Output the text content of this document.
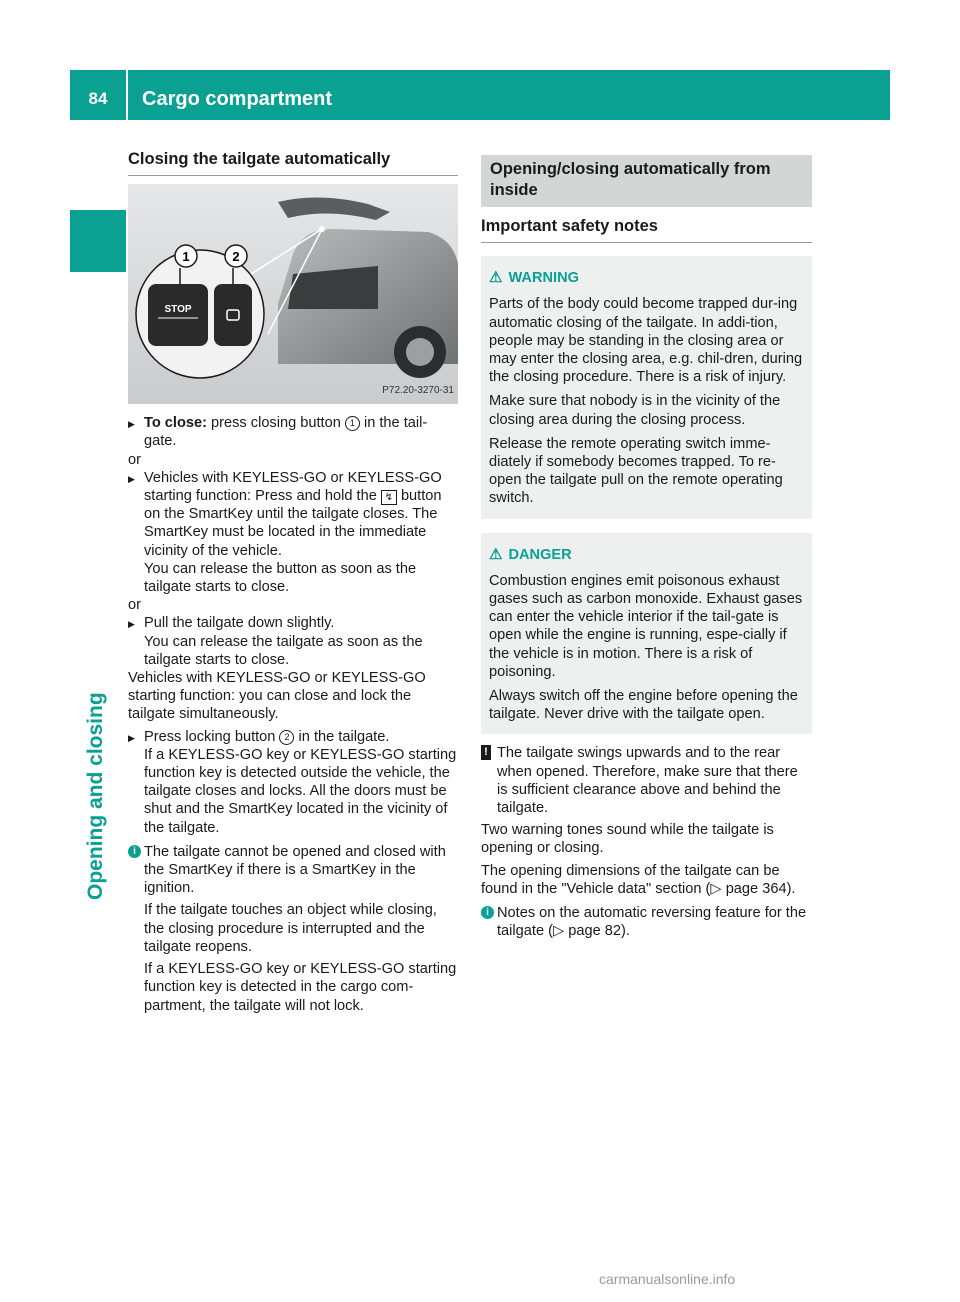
84	Cargo compartment
Opening and closing
Closing the tailgate automatically
STOP
1	2
P72.20-3270-31

▶ To close: press closing button 1 in the tail-gate.

or

▶ Vehicles with KEYLESS-GO or KEYLESS-GO starting function: Press and hold the ↯ button on the SmartKey until the tailgate closes. The SmartKey must be located in the immediate vicinity of the vehicle.

You can release the button as soon as the tailgate starts to close.

or

▶ Pull the tailgate down slightly.

You can release the tailgate as soon as the tailgate starts to close.

Vehicles with KEYLESS-GO or KEYLESS-GO starting function: you can close and lock the tailgate simultaneously.

▶ Press locking button 2 in the tailgate.

If a KEYLESS-GO key or KEYLESS-GO starting function key is detected outside the vehicle, the tailgate closes and locks. All the doors must be shut and the SmartKey located in the vicinity of the tailgate.

i The tailgate cannot be opened and closed with the SmartKey if there is a SmartKey in the ignition.

If the tailgate touches an object while closing, the closing procedure is interrupted and the tailgate reopens.

If a KEYLESS-GO key or KEYLESS-GO starting function key is detected in the cargo com-partment, the tailgate will not lock.

Opening/closing automatically from inside
Important safety notes
⚠ WARNING

Parts of the body could become trapped dur-ing automatic closing of the tailgate. In addi-tion, people may be standing in the closing area or may enter the closing area, e.g. chil-dren, during the closing procedure. There is a risk of injury.

Make sure that nobody is in the vicinity of the closing area during the closing process.

Release the remote operating switch imme-diately if somebody becomes trapped. To re-open the tailgate pull on the remote operating switch.

⚠ DANGER

Combustion engines emit poisonous exhaust gases such as carbon monoxide. Exhaust gases can enter the vehicle interior if the tail-gate is open while the engine is running, espe-cially if the vehicle is in motion. There is a risk of poisoning.

Always switch off the engine before opening the tailgate. Never drive with the tailgate open.

! The tailgate swings upwards and to the rear when opened. Therefore, make sure that there is sufficient clearance above and behind the tailgate.

Two warning tones sound while the tailgate is opening or closing.

The opening dimensions of the tailgate can be found in the "Vehicle data" section (▷ page 364).

i Notes on the automatic reversing feature for the tailgate (▷ page 82).

carmanualsonline.info
